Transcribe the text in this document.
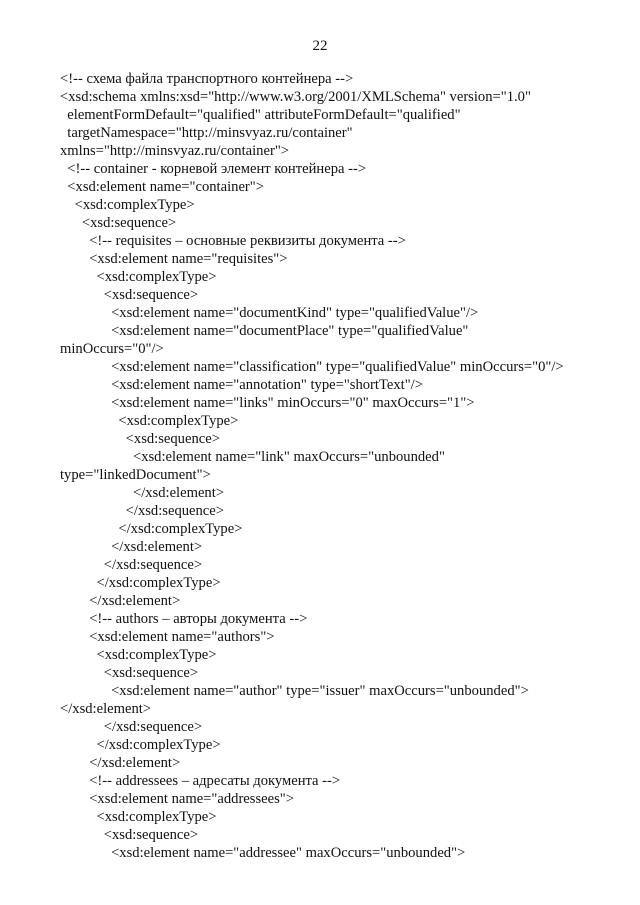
22
<!-- схема файла транспортного контейнера -->
<xsd:schema xmlns:xsd="http://www.w3.org/2001/XMLSchema" version="1.0"
elementFormDefault="qualified" attributeFormDefault="qualified"
targetNamespace="http://minsvyaz.ru/container"
xmlns="http://minsvyaz.ru/container">
<!-- container - корневой элемент контейнера -->
<xsd:element name="container">
<xsd:complexType>
<xsd:sequence>
<!-- requisites – основные реквизиты документа -->
<xsd:element name="requisites">
<xsd:complexType>
<xsd:sequence>
<xsd:element name="documentKind" type="qualifiedValue"/>
<xsd:element name="documentPlace" type="qualifiedValue"
minOccurs="0"/>
<xsd:element name="classification" type="qualifiedValue" minOccurs="0"/>
<xsd:element name="annotation" type="shortText"/>
<xsd:element name="links" minOccurs="0" maxOccurs="1">
<xsd:complexType>
<xsd:sequence>
<xsd:element name="link" maxOccurs="unbounded"
type="linkedDocument">
</xsd:element>
</xsd:sequence>
</xsd:complexType>
</xsd:element>
</xsd:sequence>
</xsd:complexType>
</xsd:element>
<!-- authors – авторы документа -->
<xsd:element name="authors">
<xsd:complexType>
<xsd:sequence>
<xsd:element name="author" type="issuer" maxOccurs="unbounded">
</xsd:element>
</xsd:sequence>
</xsd:complexType>
</xsd:element>
<!-- addressees – адресаты документа -->
<xsd:element name="addressees">
<xsd:complexType>
<xsd:sequence>
<xsd:element name="addressee" maxOccurs="unbounded">
